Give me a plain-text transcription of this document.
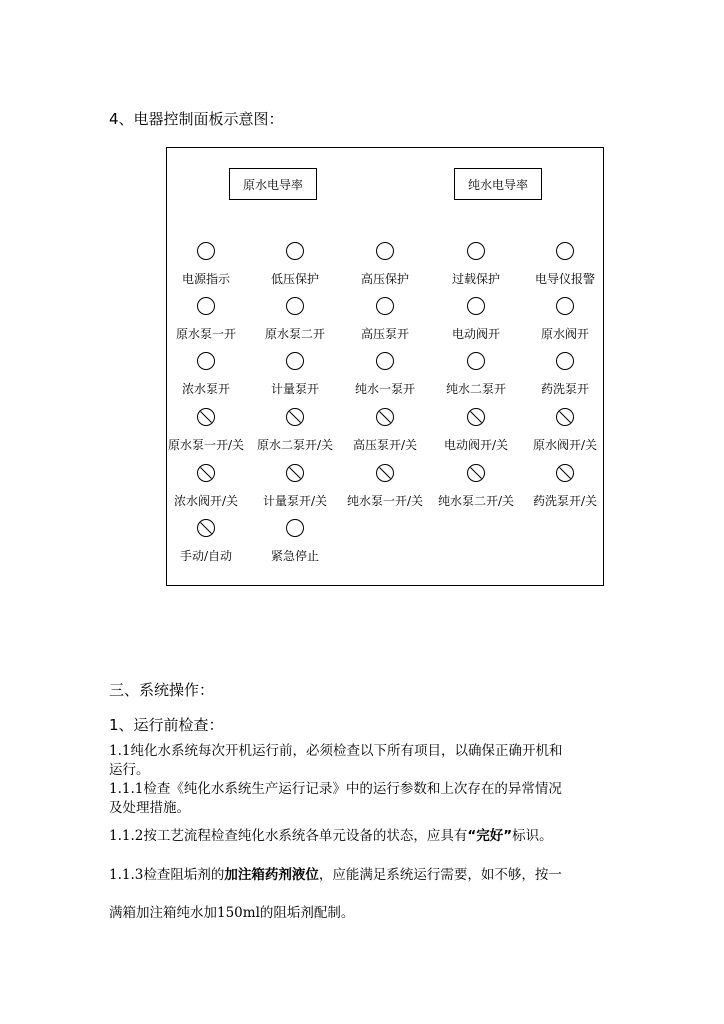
4、电器控制面板示意图：
原水电导率	纯水电导率
电源指示	低压保护	高压保护	过载保护	电导仪报警
原水泵一开	原水泵二开	高压泵开	电动阀开	原水阀开
浓水泵开	计量泵开	纯水一泵开	纯水二泵开	药洗泵开
原水泵一开/关	原水二泵开/关	高压泵开/关	电动阀开/关	原水阀开/关
浓水阀开/关	计量泵开/关	纯水泵一开/关	纯水泵二开/关	药洗泵开/关
手动/自动	紧急停止
三、系统操作：
1、运行前检查：
1.1纯化水系统每次开机运行前，必须检查以下所有项目，以确保正确开机和
运行。
1.1.1检查《纯化水系统生产运行记录》中的运行参数和上次存在的异常情况
及处理措施。
1.1.2按工艺流程检查纯化水系统各单元设备的状态，应具有“完好”标识。
1.1.3检查阻垢剂的加注箱药剂液位，应能满足系统运行需要，如不够，按一
满箱加注箱纯水加150ml的阻垢剂配制。
